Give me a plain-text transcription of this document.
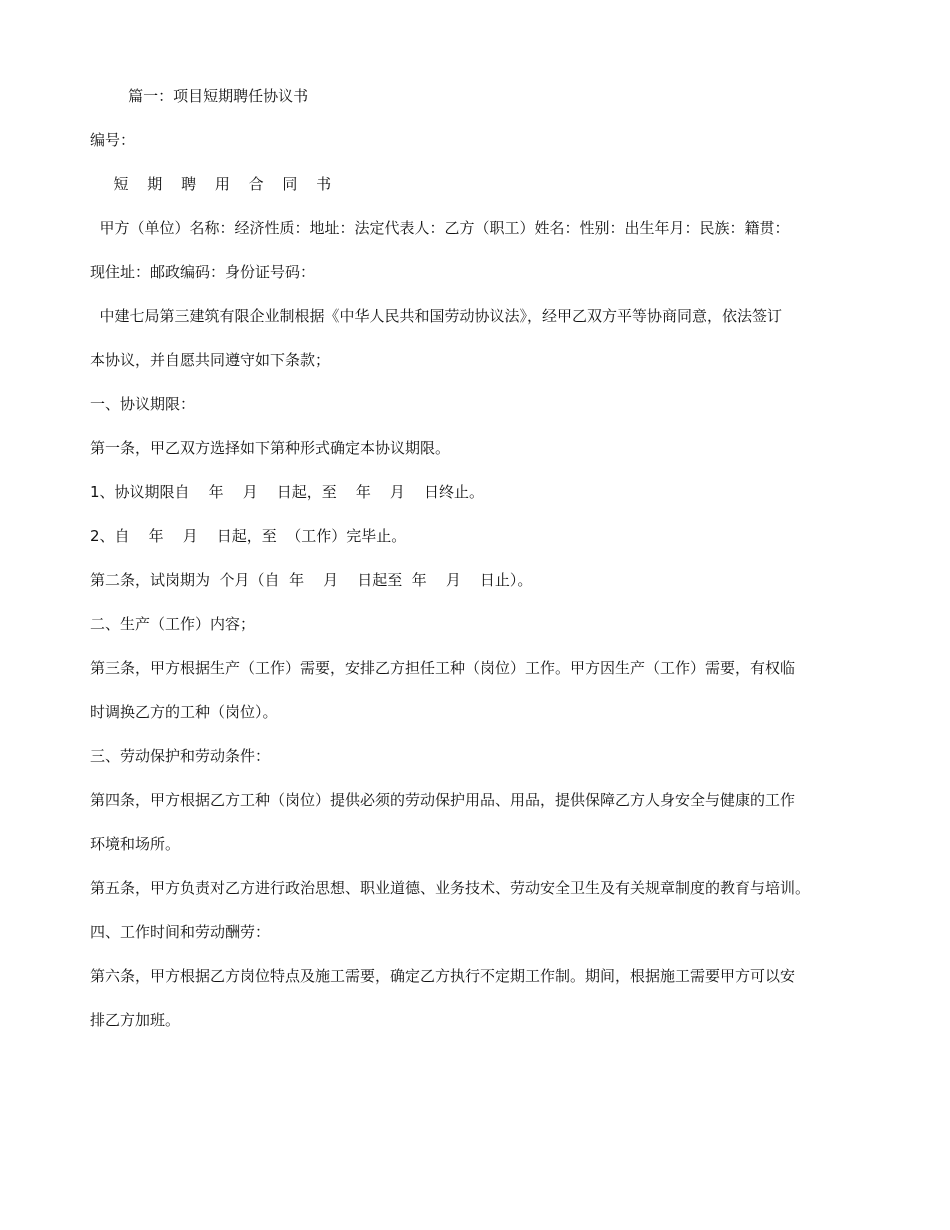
篇一：项目短期聘任协议书
编号：
短 期 聘 用 合 同 书
甲方（单位）名称：经济性质：地址：法定代表人：乙方（职工）姓名：性别：出生年月：民族：籍贯：
现住址：邮政编码：身份证号码：
中建七局第三建筑有限企业制根据《中华人民共和国劳动协议法》，经甲乙双方平等协商同意，依法签订
本协议，并自愿共同遵守如下条款；
一、协议期限：
第一条，甲乙双方选择如下第种形式确定本协议期限。
1、协议期限自    年    月    日起，至    年    月    日终止。
2、自    年    月    日起，至  （工作）完毕止。
第二条，试岗期为  个月（自  年    月    日起至  年    月    日止）。
二、生产（工作）内容；
第三条，甲方根据生产（工作）需要，安排乙方担任工种（岗位）工作。甲方因生产（工作）需要，有权临
时调换乙方的工种（岗位）。
三、劳动保护和劳动条件：
第四条，甲方根据乙方工种（岗位）提供必须的劳动保护用品、用品，提供保障乙方人身安全与健康的工作
环境和场所。
第五条，甲方负责对乙方进行政治思想、职业道德、业务技术、劳动安全卫生及有关规章制度的教育与培训。
四、工作时间和劳动酬劳：
第六条，甲方根据乙方岗位特点及施工需要，确定乙方执行不定期工作制。期间，根据施工需要甲方可以安
排乙方加班。
